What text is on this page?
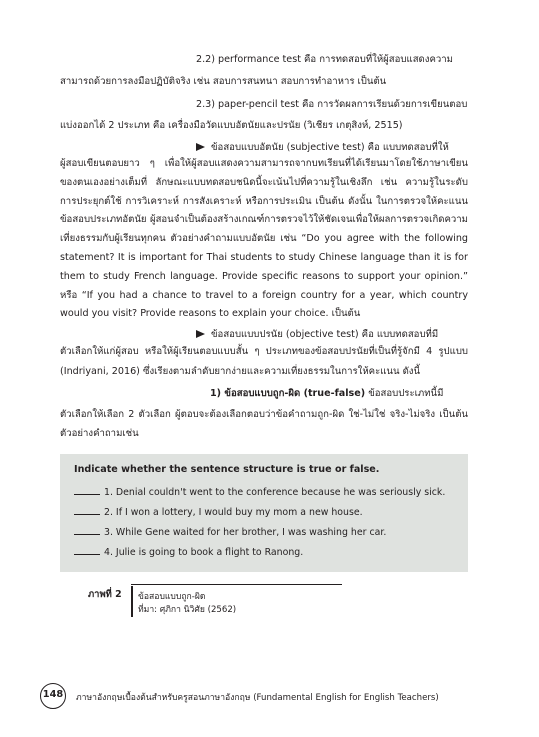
2.2) performance test คือ การทดสอบที่ให้ผู้สอบแสดงความ
สามารถด้วยการลงมือปฏิบัติจริง เช่น สอบการสนทนา สอบการทำอาหาร เป็นต้น
2.3) paper-pencil test คือ การวัดผลการเรียนด้วยการเขียนตอบ
แบ่งออกได้ 2 ประเภท คือ เครื่องมือวัดแบบอัตนัยและปรนัย (วิเชียร เกตุสิงห์, 2515)
ข้อสอบแบบอัตนัย (subjective test) คือ แบบทดสอบที่ให้
ผู้สอบเขียนตอบยาว ๆ เพื่อให้ผู้สอบแสดงความสามารถจากบทเรียนที่ได้เรียนมาโดยใช้ภาษาเขียนของตนเองอย่างเต็มที่ ลักษณะแบบทดสอบชนิดนี้จะเน้นไปที่ความรู้ในเชิงลึก เช่น ความรู้ในระดับการประยุกต์ใช้ การวิเคราะห์ การสังเคราะห์ หรือการประเมิน เป็นต้น ดังนั้น ในการตรวจให้คะแนนข้อสอบประเภทอัตนัย ผู้สอนจำเป็นต้องสร้างเกณฑ์การตรวจไว้ให้ชัดเจนเพื่อให้ผลการตรวจเกิดความเที่ยงธรรมกับผู้เรียนทุกคน ตัวอย่างคำถามแบบอัตนัย เช่น “Do you agree with the following statement? It is important for Thai students to study Chinese language than it is for them to study French language. Provide specific reasons to support your opinion.” หรือ “If you had a chance to travel to a foreign country for a year, which country would you visit? Provide reasons to explain your choice. เป็นต้น
ข้อสอบแบบปรนัย (objective test) คือ แบบทดสอบที่มี
ตัวเลือกให้แก่ผู้สอบ หรือให้ผู้เรียนตอบแบบสั้น ๆ ประเภทของข้อสอบปรนัยที่เป็นที่รู้จักมี 4 รูปแบบ (Indriyani, 2016) ซึ่งเรียงตามลำดับยากง่ายและความเที่ยงธรรมในการให้คะแนน ดังนี้
1) ข้อสอบแบบถูก-ผิด (true-false) ข้อสอบประเภทนี้มี
ตัวเลือกให้เลือก 2 ตัวเลือก ผู้ตอบจะต้องเลือกตอบว่าข้อคำถามถูก-ผิด ใช่-ไม่ใช่ จริง-ไม่จริง เป็นต้น ตัวอย่างคำถามเช่น
Indicate whether the sentence structure is true or false.
1. Denial couldn't went to the conference because he was seriously sick.
2. If I won a lottery, I would buy my mom a new house.
3. While Gene waited for her brother, I was washing her car.
4. Julie is going to book a flight to Ranong.
ภาพที่ 2 ข้อสอบแบบถูก-ผิด
ที่มา: ศุภิกา นิวิศัย (2562)
148	ภาษาอังกฤษเบื้องต้นสำหรับครูสอนภาษาอังกฤษ (Fundamental English for English Teachers)
